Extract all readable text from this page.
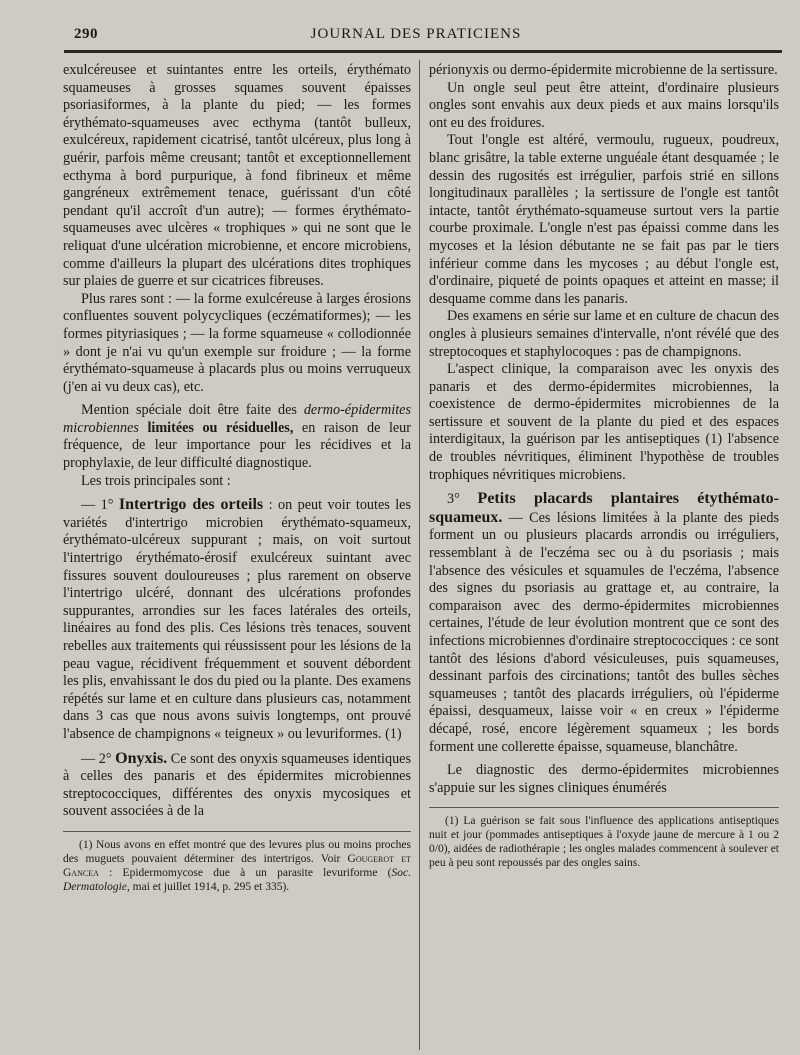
290	JOURNAL DES PRATICIENS

exulcéreusee et suintantes entre les orteils, érythémato squameuses à grosses squames souvent épaisses psoriasiformes, à la plante du pied; — les formes érythémato-squameuses avec ecthyma (tantôt bulleux, exulcéreux, rapidement cicatrisé, tantôt ulcéreux, plus long à guérir, parfois même creusant; tantôt et exceptionnellement ecthyma à bord purpurique, à fond fibrineux et même gangréneux extrêmement tenace, guérissant d'un côté pendant qu'il accroît d'un autre); — formes érythémato-squameuses avec ulcères « trophiques » qui ne sont que le reliquat d'une ulcération microbienne, et encore microbiens, comme d'ailleurs la plupart des ulcérations dites trophiques sur plaies de guerre et sur cicatrices fibreuses.

Plus rares sont : — la forme exulcéreuse à larges érosions confluentes souvent polycycliques (eczématiformes); — les formes pityriasiques ; — la forme squameuse « collodionnée » dont je n'ai vu qu'un exemple sur froidure ; — la forme érythémato-squameuse à placards plus ou moins verruqueux (j'en ai vu deux cas), etc.

Mention spéciale doit être faite des dermo-épidermites microbiennes limitées ou résiduelles, en raison de leur fréquence, de leur importance pour les récidives et la prophylaxie, de leur difficulté diagnostique.

Les trois principales sont :

— 1° Intertrigo des orteils : on peut voir toutes les variétés d'intertrigo microbien érythémato-squameux, érythémato-ulcéreux suppurant ; mais, on voit surtout l'intertrigo érythémato-érosif exulcéreux suintant avec fissures souvent douloureuses ; plus rarement on observe l'intertrigo ulcéré, donnant des ulcérations profondes suppurantes, arrondies sur les faces latérales des orteils, linéaires au fond des plis. Ces lésions très tenaces, souvent rebelles aux traitements qui réussissent pour les lésions de la peau vague, récidivent fréquemment et souvent débordent les plis, envahissant le dos du pied ou la plante. Des examens répétés sur lame et en culture dans plusieurs cas, notamment dans 3 cas que nous avons suivis longtemps, ont prouvé l'absence de champignons « teigneux » ou levuriformes. (1)

— 2° Onyxis. Ce sont des onyxis squameuses identiques à celles des panaris et des épidermites microbiennes streptococciques, différentes des onyxis mycosiques et souvent associées à de la

(1) Nous avons en effet montré que des levures plus ou moins proches des muguets pouvaient déterminer des intertrigos. Voir Gougerot et Gancea : Epidermomycose due à un parasite levuriforme (Soc. Dermatologie, mai et juillet 1914, p. 295 et 335).

périonyxis ou dermo-épidermite microbienne de la sertissure.

Un ongle seul peut être atteint, d'ordinaire plusieurs ongles sont envahis aux deux pieds et aux mains lorsqu'ils ont eu des froidures.

Tout l'ongle est altéré, vermoulu, rugueux, poudreux, blanc grisâtre, la table externe unguéale étant desquamée ; le dessin des rugosités est irrégulier, parfois strié en sillons longitudinaux parallèles ; la sertissure de l'ongle est tantôt intacte, tantôt érythémato-squameuse surtout vers la partie courbe proximale. L'ongle n'est pas épaissi comme dans les mycoses et la lésion débutante ne se fait pas par le tiers inférieur comme dans les mycoses ; au début l'ongle est, d'ordinaire, piqueté de points opaques et atteint en masse; il desquame comme dans les panaris.

Des examens en série sur lame et en culture de chacun des ongles à plusieurs semaines d'intervalle, n'ont révélé que des streptocoques et staphylocoques : pas de champignons.

L'aspect clinique, la comparaison avec les onyxis des panaris et des dermo-épidermites microbiennes, la coexistence de dermo-épidermites microbiennes de la sertissure et souvent de la plante du pied et des espaces interdigitaux, la guérison par les antiseptiques (1) l'absence de troubles névritiques, éliminent l'hypothèse de troubles trophiques névritiques microbiens.

3° Petits placards plantaires étythémato-squameux. — Ces lésions limitées à la plante des pieds forment un ou plusieurs placards arrondis ou irréguliers, ressemblant à de l'eczéma sec ou à du psoriasis ; mais l'absence des vésicules et squamules de l'eczéma, l'absence des signes du psoriasis au grattage et, au contraire, la comparaison avec des dermo-épidermites microbiennes certaines, l'étude de leur évolution montrent que ce sont des infections microbiennes d'ordinaire streptococciques : ce sont tantôt des lésions d'abord vésiculeuses, puis squameuses, dessinant parfois des circinations; tantôt des bulles sèches squameuses ; tantôt des placards irréguliers, où l'épiderme épaissi, desquameux, laisse voir « en creux » l'épiderme décapé, rosé, encore légèrement squameux ; les bords forment une collerette épaisse, squameuse, blanchâtre.

Le diagnostic des dermo-épidermites microbiennes s'appuie sur les signes cliniques énumérés

(1) La guérison se fait sous l'influence des applications antiseptiques nuit et jour (pommades antiseptiques à l'oxyde jaune de mercure à 1 ou 2 0/0), aidées de radiothérapie ; les ongles malades commencent à soulever et peu à peu sont repoussés par des ongles sains.
